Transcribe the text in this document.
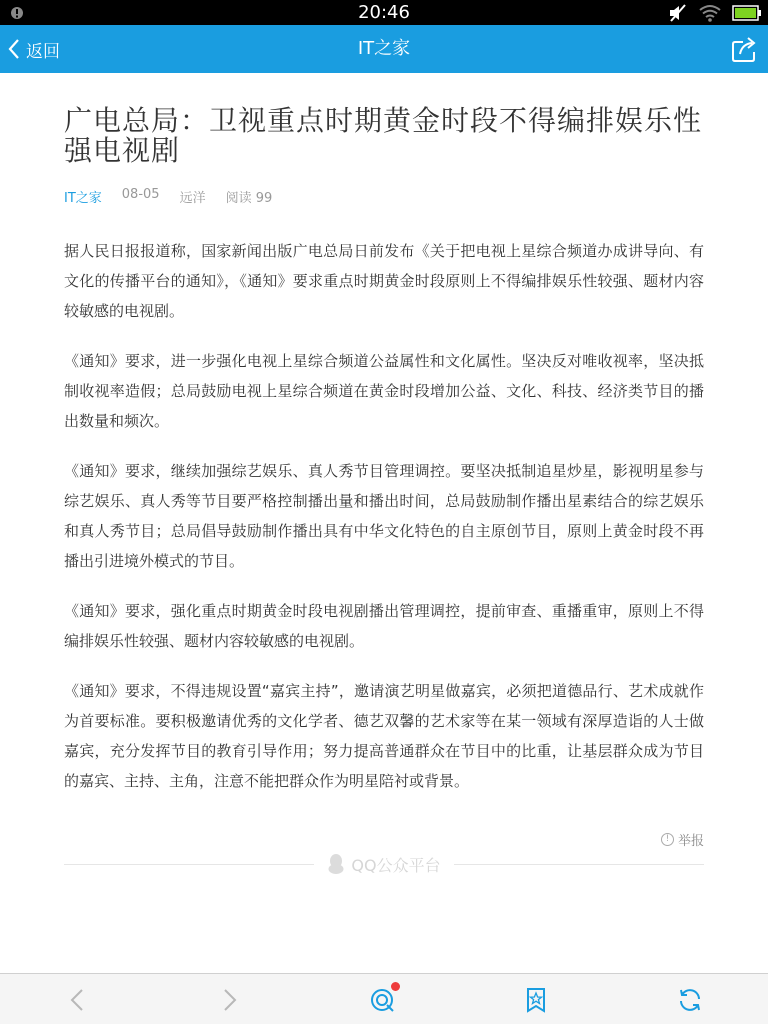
20:46
返回	IT之家
广电总局：卫视重点时期黄金时段不得编排娱乐性强电视剧
IT之家 08-05 远洋 阅读 99

据人民日报报道称，国家新闻出版广电总局日前发布《关于把电视上星综合频道办成讲导向、有文化的传播平台的通知》，《通知》要求重点时期黄金时段原则上不得编排娱乐性较强、题材内容较敏感的电视剧。

《通知》要求，进一步强化电视上星综合频道公益属性和文化属性。坚决反对唯收视率，坚决抵制收视率造假；总局鼓励电视上星综合频道在黄金时段增加公益、文化、科技、经济类节目的播出数量和频次。

《通知》要求，继续加强综艺娱乐、真人秀节目管理调控。要坚决抵制追星炒星，影视明星参与综艺娱乐、真人秀等节目要严格控制播出量和播出时间，总局鼓励制作播出星素结合的综艺娱乐和真人秀节目；总局倡导鼓励制作播出具有中华文化特色的自主原创节目，原则上黄金时段不再播出引进境外模式的节目。

《通知》要求，强化重点时期黄金时段电视剧播出管理调控，提前审查、重播重审，原则上不得编排娱乐性较强、题材内容较敏感的电视剧。

《通知》要求，不得违规设置“嘉宾主持”，邀请演艺明星做嘉宾，必须把道德品行、艺术成就作为首要标准。要积极邀请优秀的文化学者、德艺双馨的艺术家等在某一领域有深厚造诣的人士做嘉宾，充分发挥节目的教育引导作用；努力提高普通群众在节目中的比重，让基层群众成为节目的嘉宾、主持、主角，注意不能把群众作为明星陪衬或背景。

! 举报
QQ公众平台
